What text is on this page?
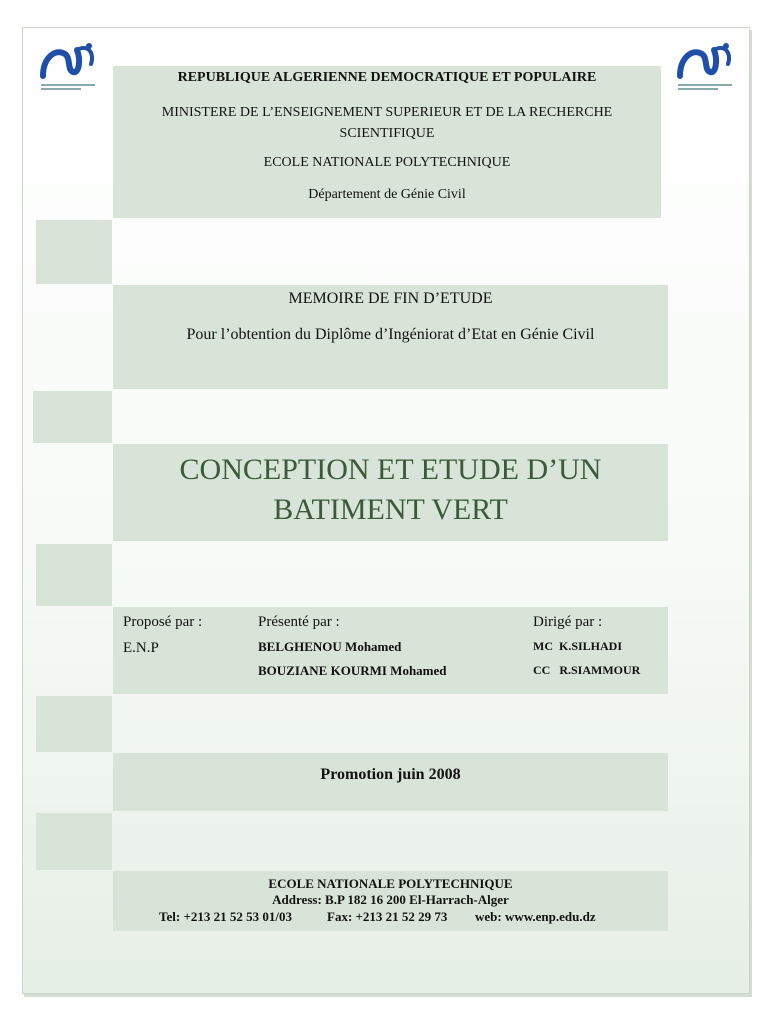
REPUBLIQUE ALGERIENNE DEMOCRATIQUE ET POPULAIRE
MINISTERE DE L’ENSEIGNEMENT SUPERIEUR ET DE LA RECHERCHE
SCIENTIFIQUE
ECOLE NATIONALE POLYTECHNIQUE
Département de Génie Civil
MEMOIRE DE FIN D’ETUDE
Pour l’obtention du Diplôme d’Ingéniorat d’Etat en Génie Civil
CONCEPTION ET ETUDE D’UN
BATIMENT VERT
Proposé par :
E.N.P
Présenté par :
BELGHENOU Mohamed
BOUZIANE KOURMI Mohamed
Dirigé par :
MC  K.SILHADI
CC   R.SIAMMOUR
Promotion juin 2008
ECOLE NATIONALE POLYTECHNIQUE
Address: B.P 182 16 200 El-Harrach-Alger
Tel: +213 21 52 53 01/03	Fax: +213 21 52 29 73 web: www.enp.edu.dz
